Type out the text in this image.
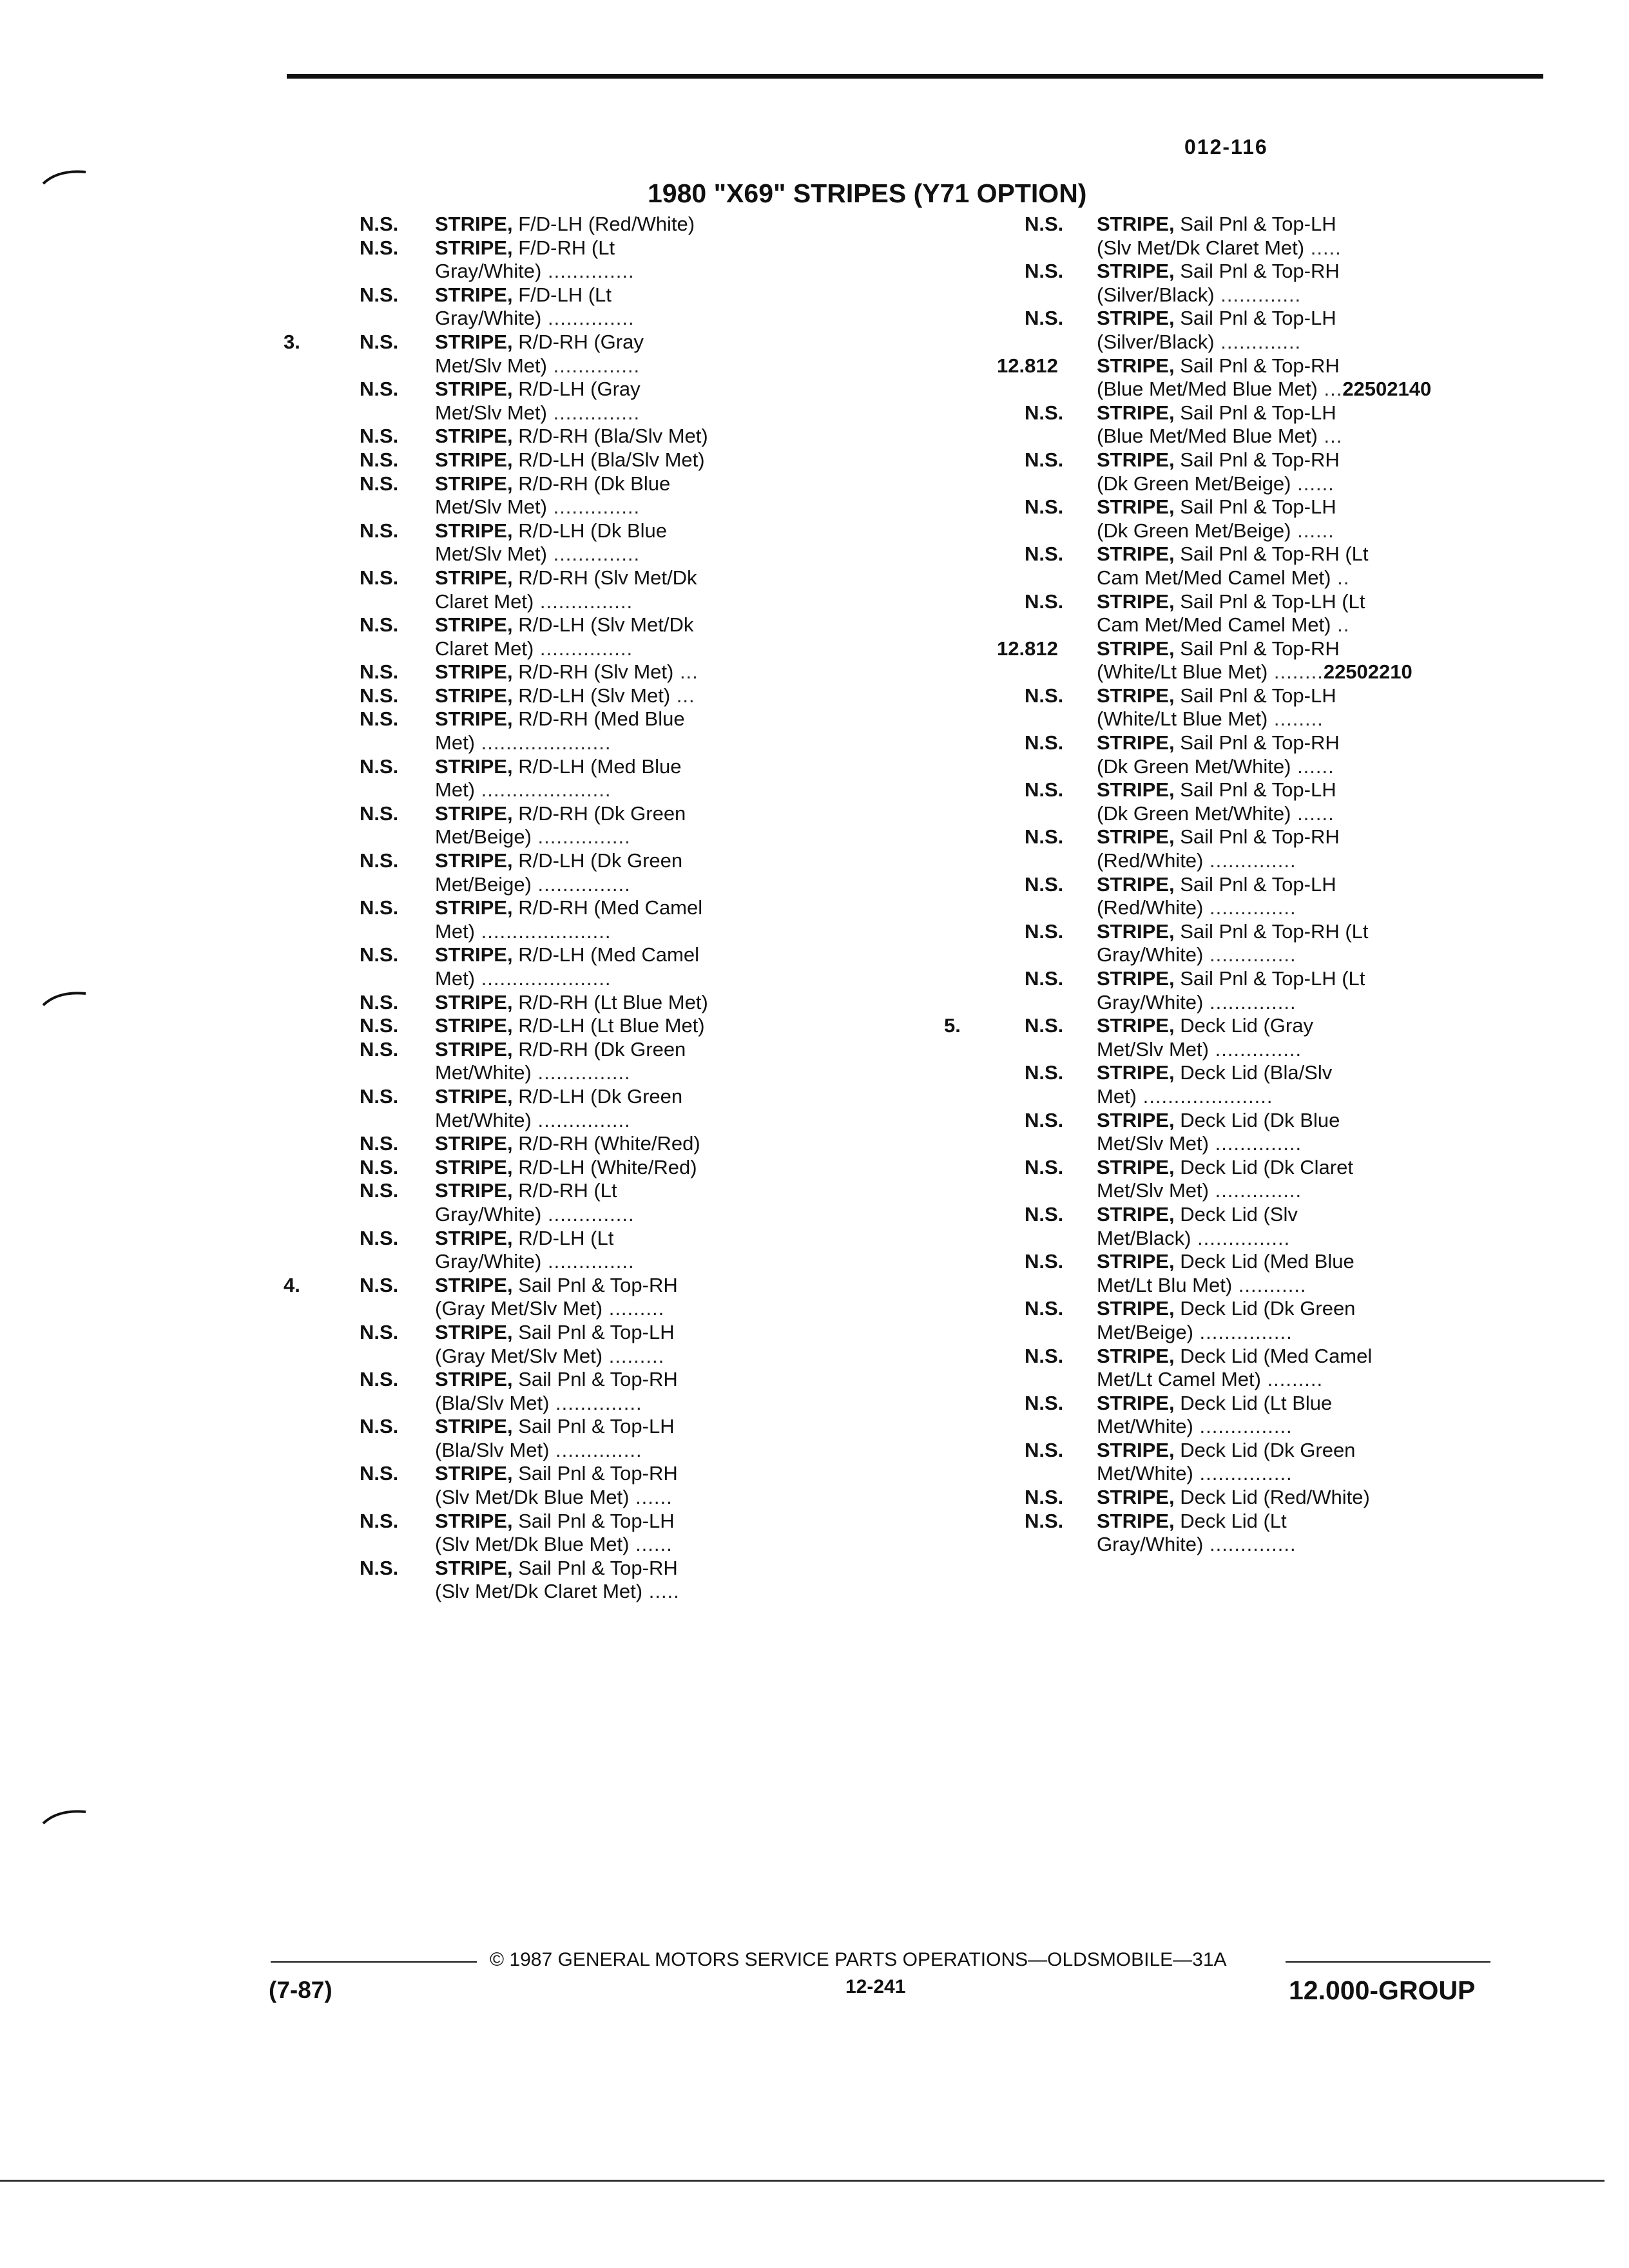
012-116
1980 "X69" STRIPES (Y71 OPTION)
N.S. STRIPE, F/D-LH (Red/White)
N.S. STRIPE, F/D-RH (Lt
Gray/White) ..............
N.S. STRIPE, F/D-LH (Lt
Gray/White) ..............
3.	N.S. STRIPE, R/D-RH (Gray
Met/Slv Met) ..............
N.S. STRIPE, R/D-LH (Gray
Met/Slv Met) ..............
N.S. STRIPE, R/D-RH (Bla/Slv Met)
N.S. STRIPE, R/D-LH (Bla/Slv Met)
N.S. STRIPE, R/D-RH (Dk Blue
Met/Slv Met) ..............
N.S. STRIPE, R/D-LH (Dk Blue
Met/Slv Met) ..............
N.S. STRIPE, R/D-RH (Slv Met/Dk
Claret Met) ...............
N.S. STRIPE, R/D-LH (Slv Met/Dk
Claret Met) ...............
N.S. STRIPE, R/D-RH (Slv Met) ...
N.S. STRIPE, R/D-LH (Slv Met) ...
N.S. STRIPE, R/D-RH (Med Blue
Met) .....................
N.S. STRIPE, R/D-LH (Med Blue
Met) .....................
N.S. STRIPE, R/D-RH (Dk Green
Met/Beige) ...............
N.S. STRIPE, R/D-LH (Dk Green
Met/Beige) ...............
N.S. STRIPE, R/D-RH (Med Camel
Met) .....................
N.S. STRIPE, R/D-LH (Med Camel
Met) .....................
N.S. STRIPE, R/D-RH (Lt Blue Met)
N.S. STRIPE, R/D-LH (Lt Blue Met)
N.S. STRIPE, R/D-RH (Dk Green
Met/White) ...............
N.S. STRIPE, R/D-LH (Dk Green
Met/White) ...............
N.S. STRIPE, R/D-RH (White/Red)
N.S. STRIPE, R/D-LH (White/Red)
N.S. STRIPE, R/D-RH (Lt
Gray/White) ..............
N.S. STRIPE, R/D-LH (Lt
Gray/White) ..............
4.	N.S. STRIPE, Sail Pnl & Top-RH
(Gray Met/Slv Met) .........
N.S. STRIPE, Sail Pnl & Top-LH
(Gray Met/Slv Met) .........
N.S. STRIPE, Sail Pnl & Top-RH
(Bla/Slv Met) ..............
N.S. STRIPE, Sail Pnl & Top-LH
(Bla/Slv Met) ..............
N.S. STRIPE, Sail Pnl & Top-RH
(Slv Met/Dk Blue Met) ......
N.S. STRIPE, Sail Pnl & Top-LH
(Slv Met/Dk Blue Met) ......
N.S. STRIPE, Sail Pnl & Top-RH
(Slv Met/Dk Claret Met) .....
N.S. STRIPE, Sail Pnl & Top-LH
(Slv Met/Dk Claret Met) .....
N.S. STRIPE, Sail Pnl & Top-RH
(Silver/Black) .............
N.S. STRIPE, Sail Pnl & Top-LH
(Silver/Black) .............
12.812 STRIPE, Sail Pnl & Top-RH
(Blue Met/Med Blue Met) ...22502140
N.S. STRIPE, Sail Pnl & Top-LH
(Blue Met/Med Blue Met) ...
N.S. STRIPE, Sail Pnl & Top-RH
(Dk Green Met/Beige) ......
N.S. STRIPE, Sail Pnl & Top-LH
(Dk Green Met/Beige) ......
N.S. STRIPE, Sail Pnl & Top-RH (Lt
Cam Met/Med Camel Met) ..
N.S. STRIPE, Sail Pnl & Top-LH (Lt
Cam Met/Med Camel Met) ..
12.812 STRIPE, Sail Pnl & Top-RH
(White/Lt Blue Met) ........22502210
N.S. STRIPE, Sail Pnl & Top-LH
(White/Lt Blue Met) ........
N.S. STRIPE, Sail Pnl & Top-RH
(Dk Green Met/White) ......
N.S. STRIPE, Sail Pnl & Top-LH
(Dk Green Met/White) ......
N.S. STRIPE, Sail Pnl & Top-RH
(Red/White) ..............
N.S. STRIPE, Sail Pnl & Top-LH
(Red/White) ..............
N.S. STRIPE, Sail Pnl & Top-RH (Lt
Gray/White) ..............
N.S. STRIPE, Sail Pnl & Top-LH (Lt
Gray/White) ..............
5.	N.S. STRIPE, Deck Lid (Gray
Met/Slv Met) ..............
N.S. STRIPE, Deck Lid (Bla/Slv
Met) .....................
N.S. STRIPE, Deck Lid (Dk Blue
Met/Slv Met) ..............
N.S. STRIPE, Deck Lid (Dk Claret
Met/Slv Met) ..............
N.S. STRIPE, Deck Lid (Slv
Met/Black) ...............
N.S. STRIPE, Deck Lid (Med Blue
Met/Lt Blu Met) ...........
N.S. STRIPE, Deck Lid (Dk Green
Met/Beige) ...............
N.S. STRIPE, Deck Lid (Med Camel
Met/Lt Camel Met) .........
N.S. STRIPE, Deck Lid (Lt Blue
Met/White) ...............
N.S. STRIPE, Deck Lid (Dk Green
Met/White) ...............
N.S. STRIPE, Deck Lid (Red/White)
N.S. STRIPE, Deck Lid (Lt
Gray/White) ..............
© 1987 GENERAL MOTORS SERVICE PARTS OPERATIONS—OLDSMOBILE—31A
(7-87)	12-241	12.000-GROUP
